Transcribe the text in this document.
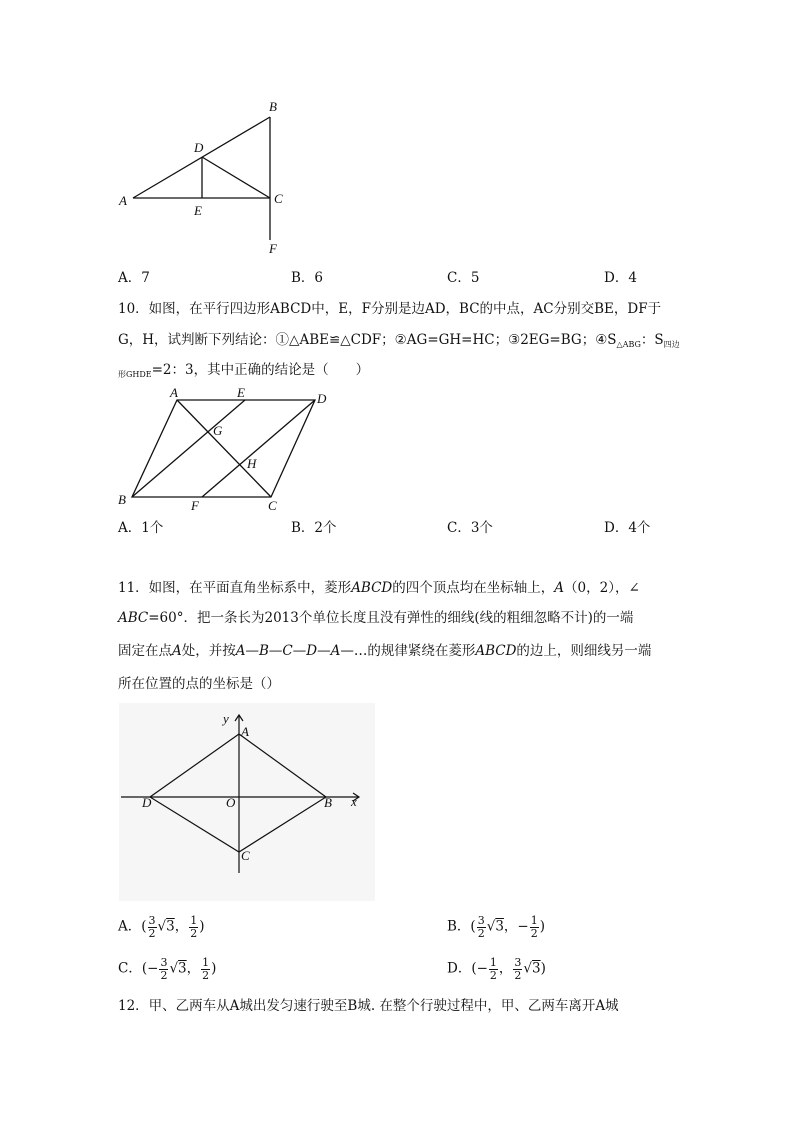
B
D
A	C
E
F
A．7	B．6	C．5	D．4
10．如图，在平行四边形ABCD中，E，F分别是边AD，BC的中点，AC分别交BE，DF于
G，H，试判断下列结论：①△ABE≌△CDF；②AG=GH=HC；③2EG=BG；$④S_{\triangle ABG}$：$S_{四边}$
$_{形GHDE}$=2：3，其中正确的结论是（　　）
A	E	D
G
H
B	F	C
A．1个	B．2个	C．3个	D．4个
11．如图，在平面直角坐标系中，菱形ABCD的四个顶点均在坐标轴上，A（0，2），∠
ABC=60°．把一条长为2013个单位长度且没有弹性的细线(线的粗细忽略不计)的一端
固定在点A处，并按A—B—C—D—A—…的规律紧绕在菱形ABCD的边上，则细线另一端
所在位置的点的坐标是（）
y
A
D	O	B x
C
A．( $\frac{3}{2} √3$， $\frac{1}{2}$ )	B．( $\frac{3}{2} √3$，− $\frac{1}{2}$ )
C．(− $\frac{3}{2} √3$， $\frac{1}{2}$ )	D．(− $\frac{1}{2}$ ， $\frac{3}{2} √3$)
12．甲、乙两车从A城出发匀速行驶至B城. 在整个行驶过程中，甲、乙两车离开A城
